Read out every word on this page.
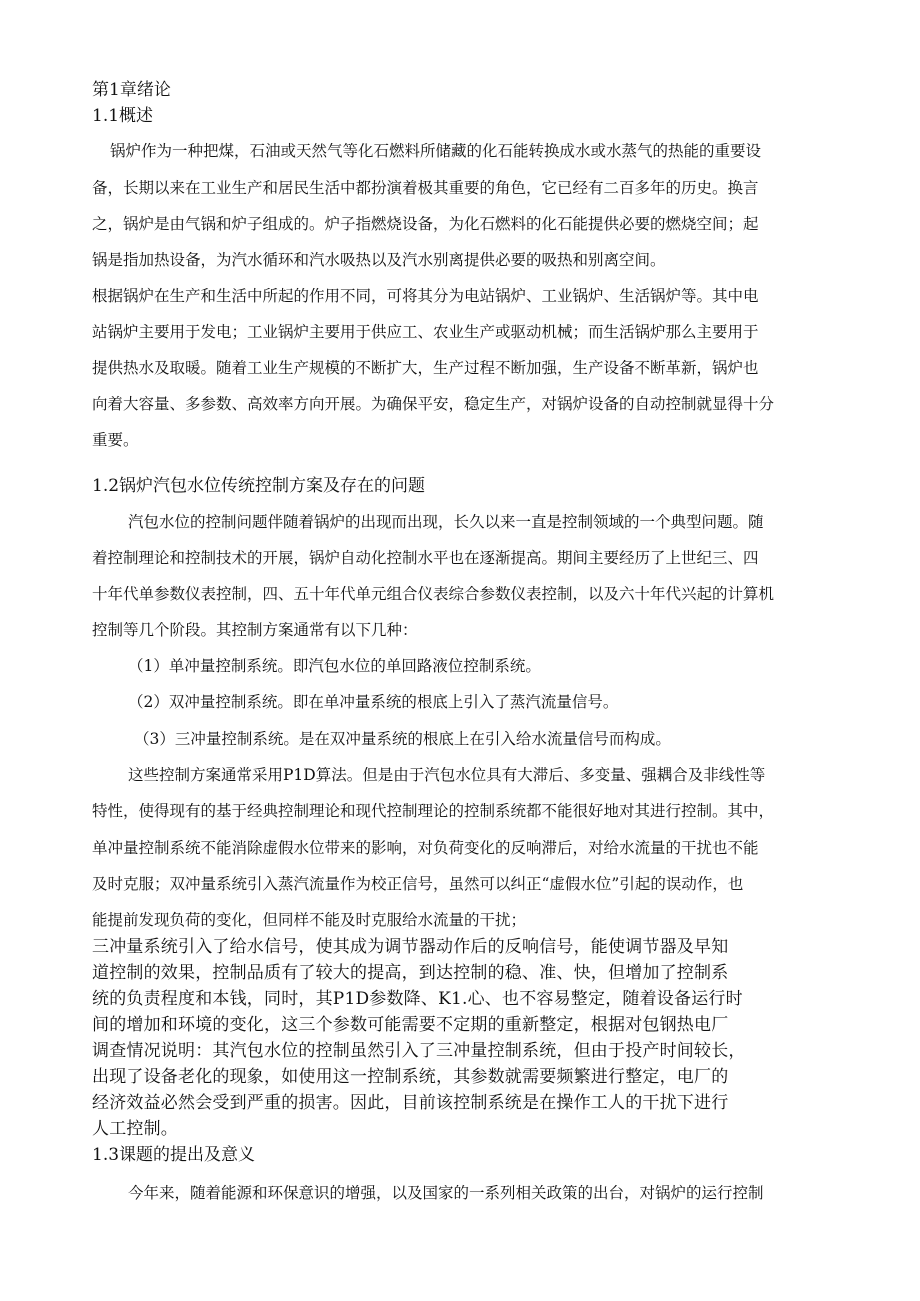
第1章绪论
1.1概述
锅炉作为一种把煤，石油或天然气等化石燃料所储藏的化石能转换成水或水蒸气的热能的重要设
备，长期以来在工业生产和居民生活中都扮演着极其重要的角色，它已经有二百多年的历史。换言
之，锅炉是由气锅和炉子组成的。炉子指燃烧设备，为化石燃料的化石能提供必要的燃烧空间；起
锅是指加热设备，为汽水循环和汽水吸热以及汽水别离提供必要的吸热和别离空间。
根据锅炉在生产和生活中所起的作用不同，可将其分为电站锅炉、工业锅炉、生活锅炉等。其中电
站锅炉主要用于发电；工业锅炉主要用于供应工、农业生产或驱动机械；而生活锅炉那么主要用于
提供热水及取暖。随着工业生产规模的不断扩大，生产过程不断加强，生产设备不断革新，锅炉也
向着大容量、多参数、高效率方向开展。为确保平安，稳定生产，对锅炉设备的自动控制就显得十分
重要。
1.2锅炉汽包水位传统控制方案及存在的问题
汽包水位的控制问题伴随着锅炉的出现而出现，长久以来一直是控制领域的一个典型问题。随
着控制理论和控制技术的开展，锅炉自动化控制水平也在逐渐提高。期间主要经历了上世纪三、四
十年代单参数仪表控制，四、五十年代单元组合仪表综合参数仪表控制，以及六十年代兴起的计算机
控制等几个阶段。其控制方案通常有以下几种：
（1）单冲量控制系统。即汽包水位的单回路液位控制系统。
（2）双冲量控制系统。即在单冲量系统的根底上引入了蒸汽流量信号。
（3）三冲量控制系统。是在双冲量系统的根底上在引入给水流量信号而构成。
这些控制方案通常采用P1D算法。但是由于汽包水位具有大滞后、多变量、强耦合及非线性等
特性，使得现有的基于经典控制理论和现代控制理论的控制系统都不能很好地对其进行控制。其中，
单冲量控制系统不能消除虚假水位带来的影响，对负荷变化的反响滞后，对给水流量的干扰也不能
及时克服；双冲量系统引入蒸汽流量作为校正信号，虽然可以纠正“虚假水位”引起的误动作，也
能提前发现负荷的变化，但同样不能及时克服给水流量的干扰；
三冲量系统引入了给水信号，使其成为调节器动作后的反响信号，能使调节器及早知
道控制的效果，控制品质有了较大的提高，到达控制的稳、准、快，但增加了控制系
统的负责程度和本钱，同时，其P1D参数降、K1.心、也不容易整定，随着设备运行时
间的增加和环境的变化，这三个参数可能需要不定期的重新整定，根据对包钢热电厂
调查情况说明：其汽包水位的控制虽然引入了三冲量控制系统，但由于投产时间较长，
出现了设备老化的现象，如使用这一控制系统，其参数就需要频繁进行整定，电厂的
经济效益必然会受到严重的损害。因此，目前该控制系统是在操作工人的干扰下进行
人工控制。
1.3课题的提出及意义
今年来，随着能源和环保意识的增强，以及国家的一系列相关政策的出台，对锅炉的运行控制
